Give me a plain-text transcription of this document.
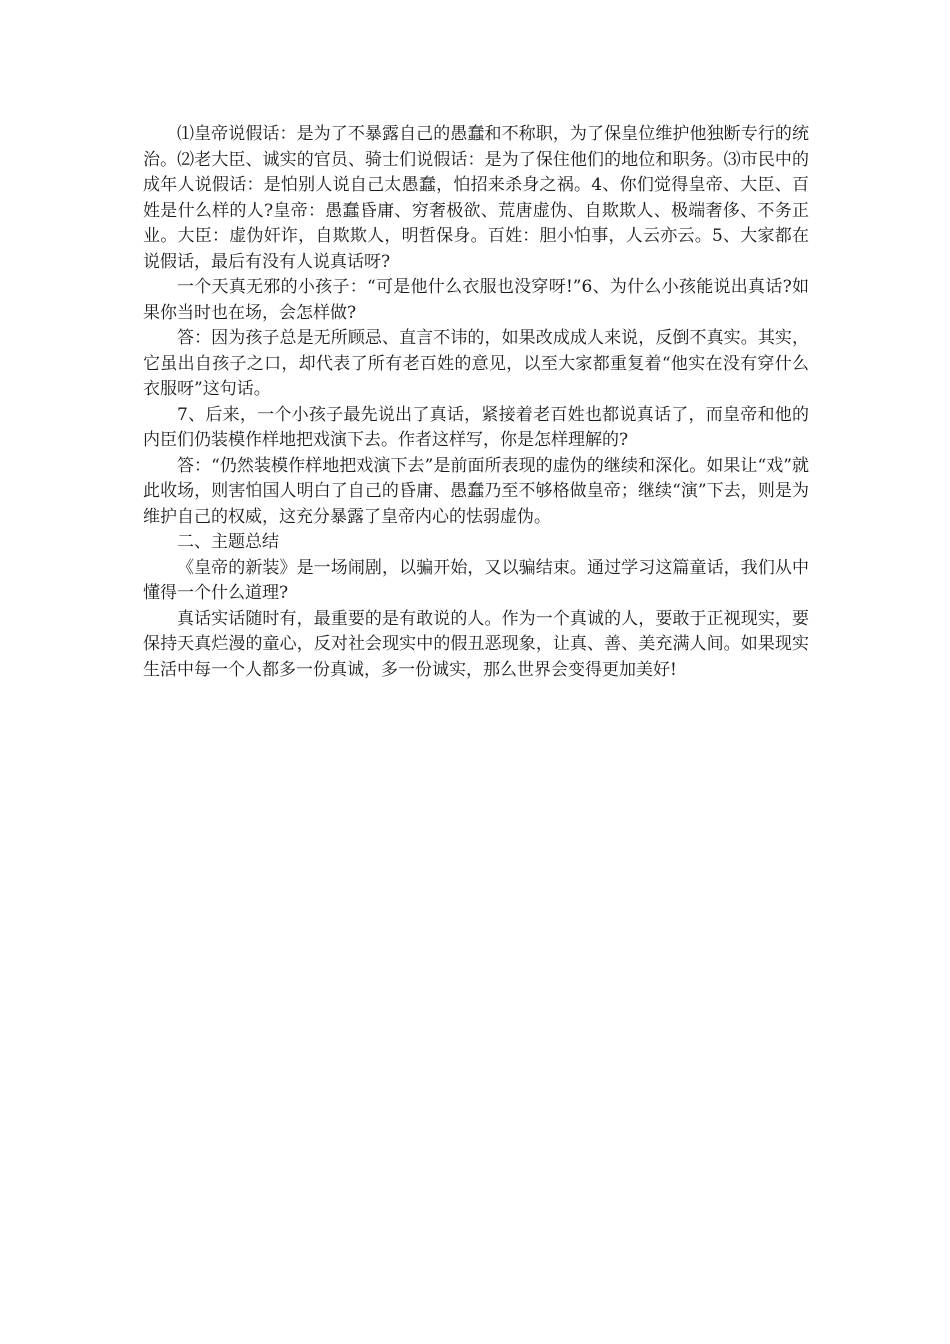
⑴皇帝说假话：是为了不暴露自己的愚蠢和不称职，为了保皇位维护他独断专行的统治。⑵老大臣、诚实的官员、骑士们说假话：是为了保住他们的地位和职务。⑶市民中的成年人说假话：是怕别人说自己太愚蠢，怕招来杀身之祸。4、你们觉得皇帝、大臣、百姓是什么样的人?皇帝：愚蠢昏庸、穷奢极欲、荒唐虚伪、自欺欺人、极端奢侈、不务正业。大臣：虚伪奸诈，自欺欺人，明哲保身。百姓：胆小怕事，人云亦云。5、大家都在说假话，最后有没有人说真话呀?

一个天真无邪的小孩子：“可是他什么衣服也没穿呀!”6、为什么小孩能说出真话?如果你当时也在场，会怎样做?

答：因为孩子总是无所顾忌、直言不讳的，如果改成成人来说，反倒不真实。其实，它虽出自孩子之口，却代表了所有老百姓的意见，以至大家都重复着“他实在没有穿什么衣服呀”这句话。

7、后来，一个小孩子最先说出了真话，紧接着老百姓也都说真话了，而皇帝和他的内臣们仍装模作样地把戏演下去。作者这样写，你是怎样理解的?

答：“仍然装模作样地把戏演下去”是前面所表现的虚伪的继续和深化。如果让“戏”就此收场，则害怕国人明白了自己的昏庸、愚蠢乃至不够格做皇帝；继续“演”下去，则是为维护自己的权威，这充分暴露了皇帝内心的怯弱虚伪。

二、主题总结

《皇帝的新装》是一场闹剧，以骗开始，又以骗结束。通过学习这篇童话，我们从中懂得一个什么道理?

真话实话随时有，最重要的是有敢说的人。作为一个真诚的人，要敢于正视现实，要保持天真烂漫的童心，反对社会现实中的假丑恶现象，让真、善、美充满人间。如果现实生活中每一个人都多一份真诚，多一份诚实，那么世界会变得更加美好!
